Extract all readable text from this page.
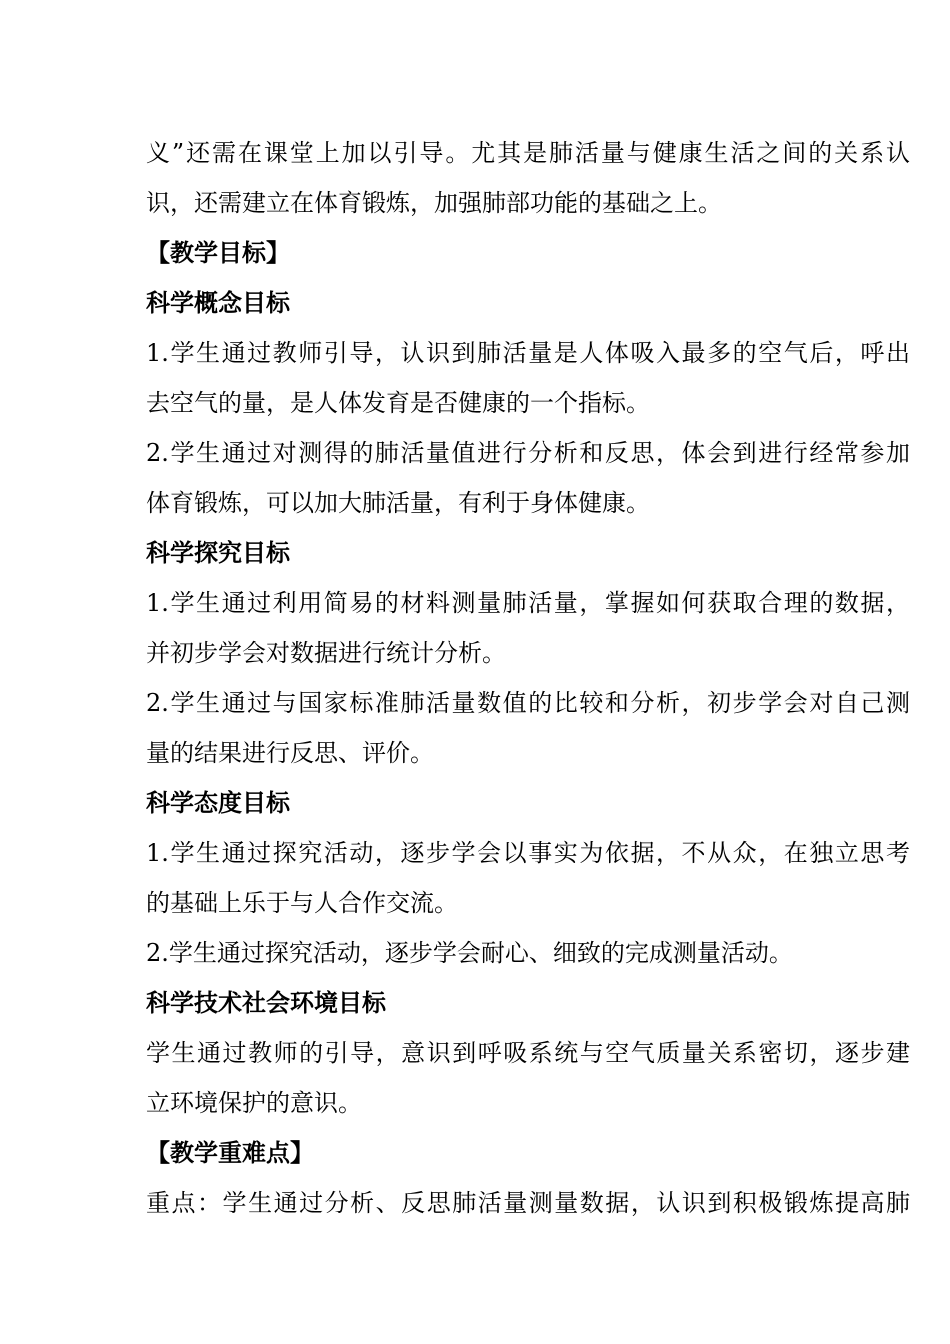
义”还需在课堂上加以引导。尤其是肺活量与健康生活之间的关系认
识，还需建立在体育锻炼，加强肺部功能的基础之上。
【教学目标】
科学概念目标
1.学生通过教师引导，认识到肺活量是人体吸入最多的空气后，呼出
去空气的量，是人体发育是否健康的一个指标。
2.学生通过对测得的肺活量值进行分析和反思，体会到进行经常参加
体育锻炼，可以加大肺活量，有利于身体健康。
科学探究目标
1.学生通过利用简易的材料测量肺活量，掌握如何获取合理的数据，
并初步学会对数据进行统计分析。
2.学生通过与国家标准肺活量数值的比较和分析，初步学会对自己测
量的结果进行反思、评价。
科学态度目标
1.学生通过探究活动，逐步学会以事实为依据，不从众，在独立思考
的基础上乐于与人合作交流。
2.学生通过探究活动，逐步学会耐心、细致的完成测量活动。
科学技术社会环境目标
学生通过教师的引导，意识到呼吸系统与空气质量关系密切，逐步建
立环境保护的意识。
【教学重难点】
重点：学生通过分析、反思肺活量测量数据，认识到积极锻炼提高肺
